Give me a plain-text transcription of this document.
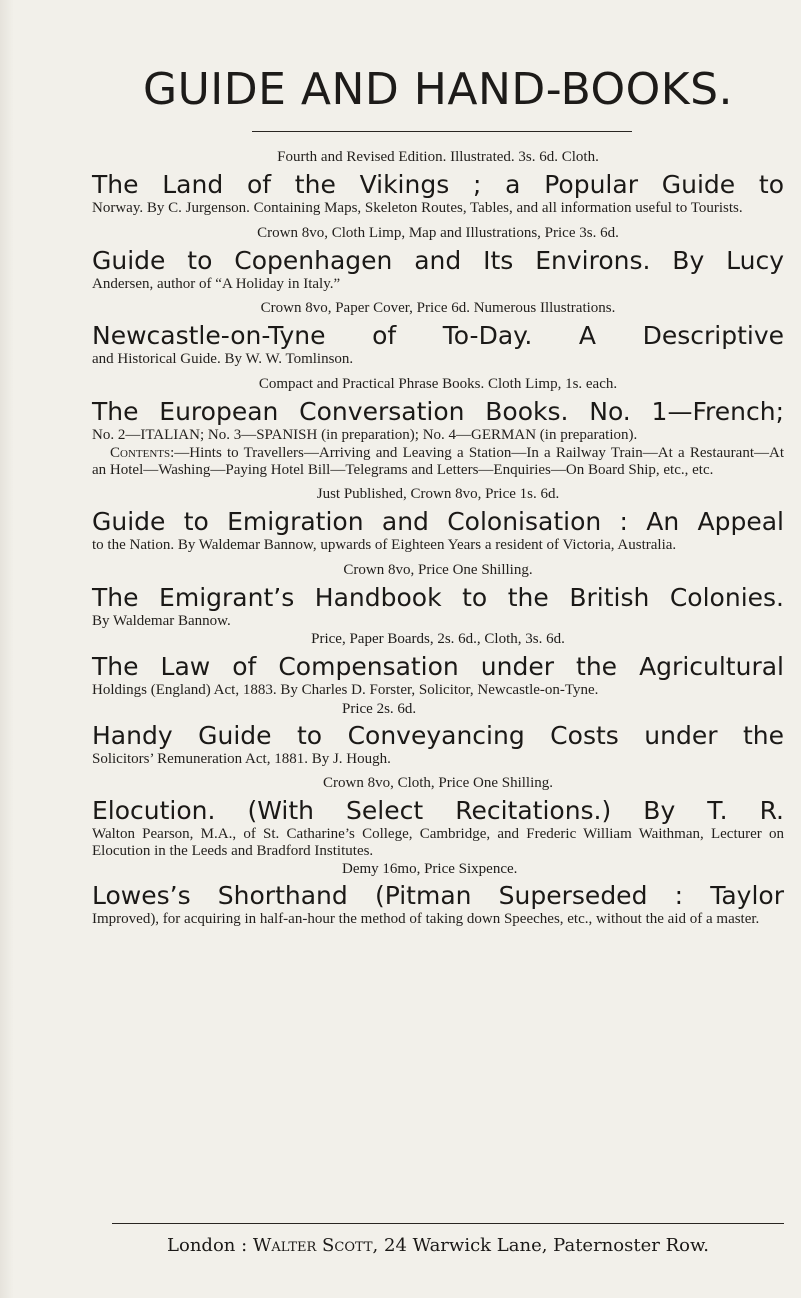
GUIDE AND HAND-BOOKS.

Fourth and Revised Edition. Illustrated. 3s. 6d. Cloth.

The Land of the Vikings ; a Popular Guide to

Norway. By C. Jurgenson. Containing Maps, Skeleton Routes, Tables, and all information useful to Tourists.

Crown 8vo, Cloth Limp, Map and Illustrations, Price 3s. 6d.

Guide to Copenhagen and Its Environs. By Lucy

Andersen, author of “A Holiday in Italy.”

Crown 8vo, Paper Cover, Price 6d. Numerous Illustrations.

Newcastle-on-Tyne of To-Day. A Descriptive

and Historical Guide. By W. W. Tomlinson.

Compact and Practical Phrase Books. Cloth Limp, 1s. each.

The European Conversation Books. No. 1—French;

No. 2—ITALIAN; No. 3—SPANISH (in preparation); No. 4—GERMAN (in preparation).

Contents:—Hints to Travellers—Arriving and Leaving a Station—In a Railway Train—At a Restaurant—At an Hotel—Washing—Paying Hotel Bill—Telegrams and Letters—Enquiries—On Board Ship, etc., etc.

Just Published, Crown 8vo, Price 1s. 6d.

Guide to Emigration and Colonisation : An Appeal

to the Nation. By Waldemar Bannow, upwards of Eighteen Years a resident of Victoria, Australia.

Crown 8vo, Price One Shilling.

The Emigrant’s Handbook to the British Colonies.

By Waldemar Bannow.

Price, Paper Boards, 2s. 6d., Cloth, 3s. 6d.

The Law of Compensation under the Agricultural

Holdings (England) Act, 1883. By Charles D. Forster, Solicitor, Newcastle-on-Tyne.

Price 2s. 6d.

Handy Guide to Conveyancing Costs under the

Solicitors’ Remuneration Act, 1881. By J. Hough.

Crown 8vo, Cloth, Price One Shilling.

Elocution. (With Select Recitations.) By T. R.

Walton Pearson, M.A., of St. Catharine’s College, Cambridge, and Frederic William Waithman, Lecturer on Elocution in the Leeds and Bradford Institutes.

Demy 16mo, Price Sixpence.

Lowes’s Shorthand (Pitman Superseded : Taylor

Improved), for acquiring in half-an-hour the method of taking down Speeches, etc., without the aid of a master.

London : Walter Scott, 24 Warwick Lane, Paternoster Row.
